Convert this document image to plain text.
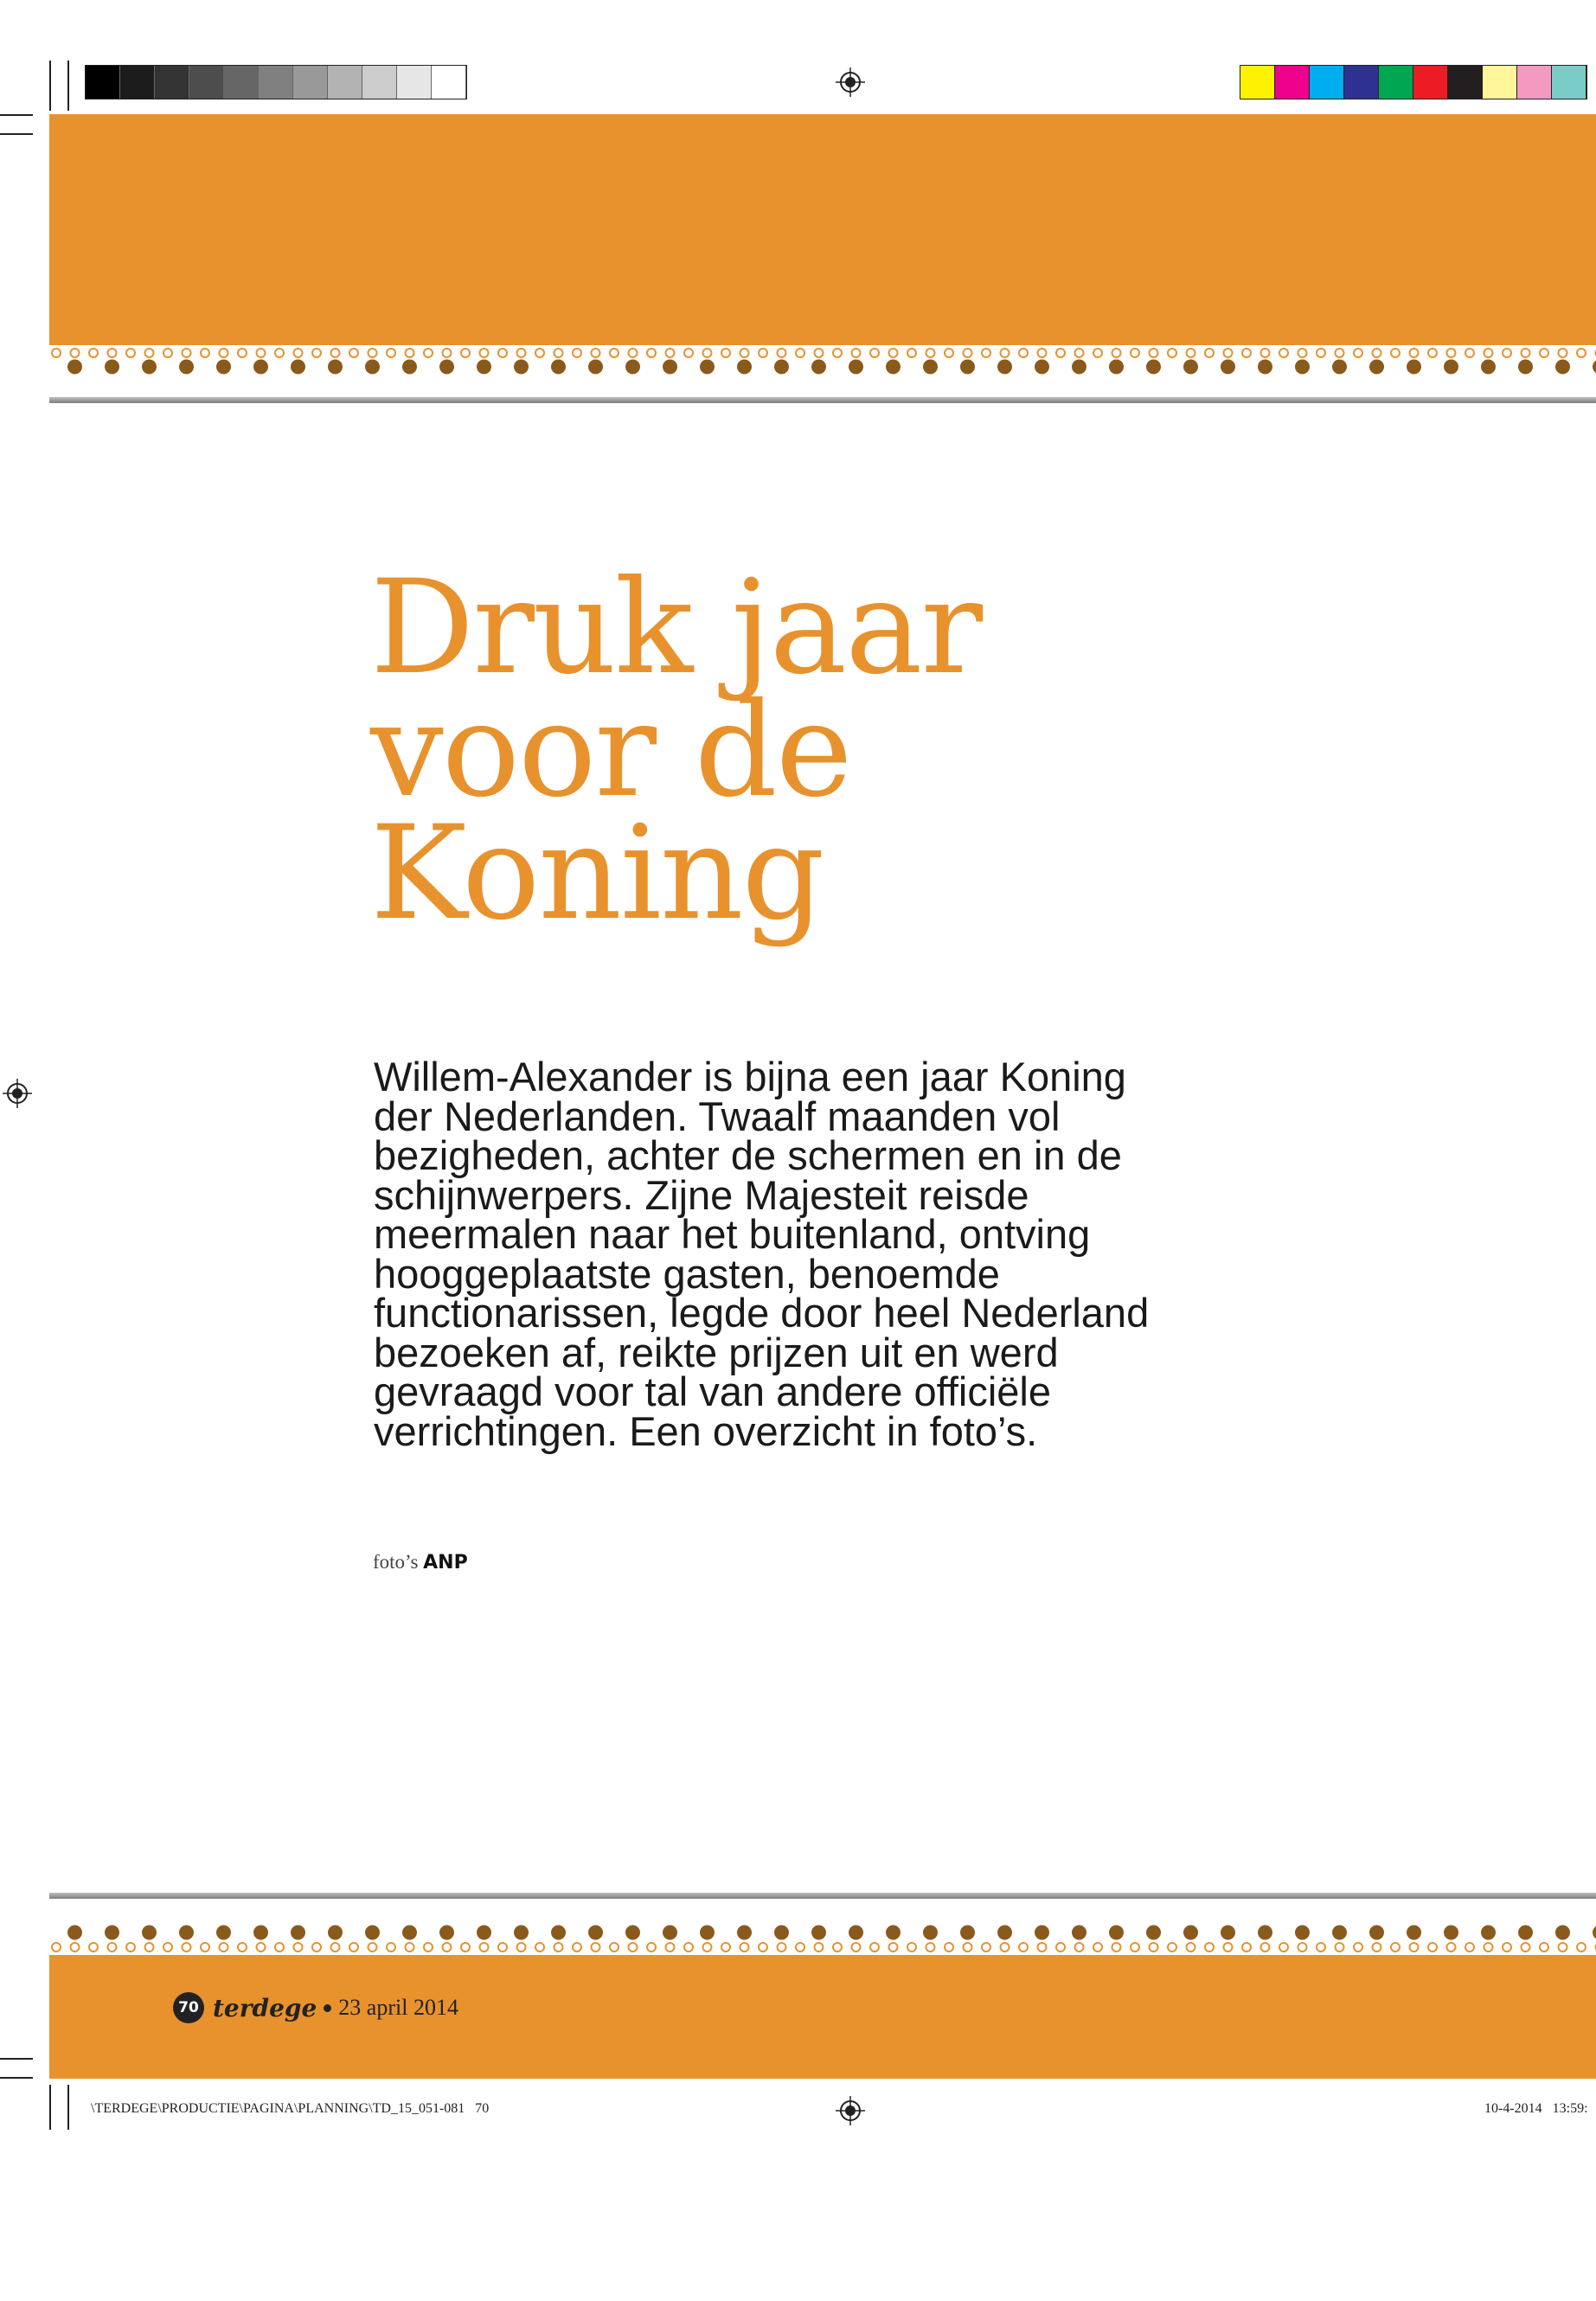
Druk jaar
voor de
Koning

Willem-Alexander is bijna een jaar Koning der Nederlanden. Twaalf maanden vol bezigheden, achter de schermen en in de schijnwerpers. Zijne Majesteit reisde meermalen naar het buitenland, ontving hooggeplaatste gasten, benoemde functionarissen, legde door heel Nederland bezoeken af, reikte prijzen uit en werd gevraagd voor tal van andere officiële verrichtingen. Een overzicht in foto’s.

foto’s ANP
70 terdege 23 april 2014
\TERDEGE\PRODUCTIE\PAGINA\PLANNING\TD_15_051-081 70	10-4-2014   13:59:
